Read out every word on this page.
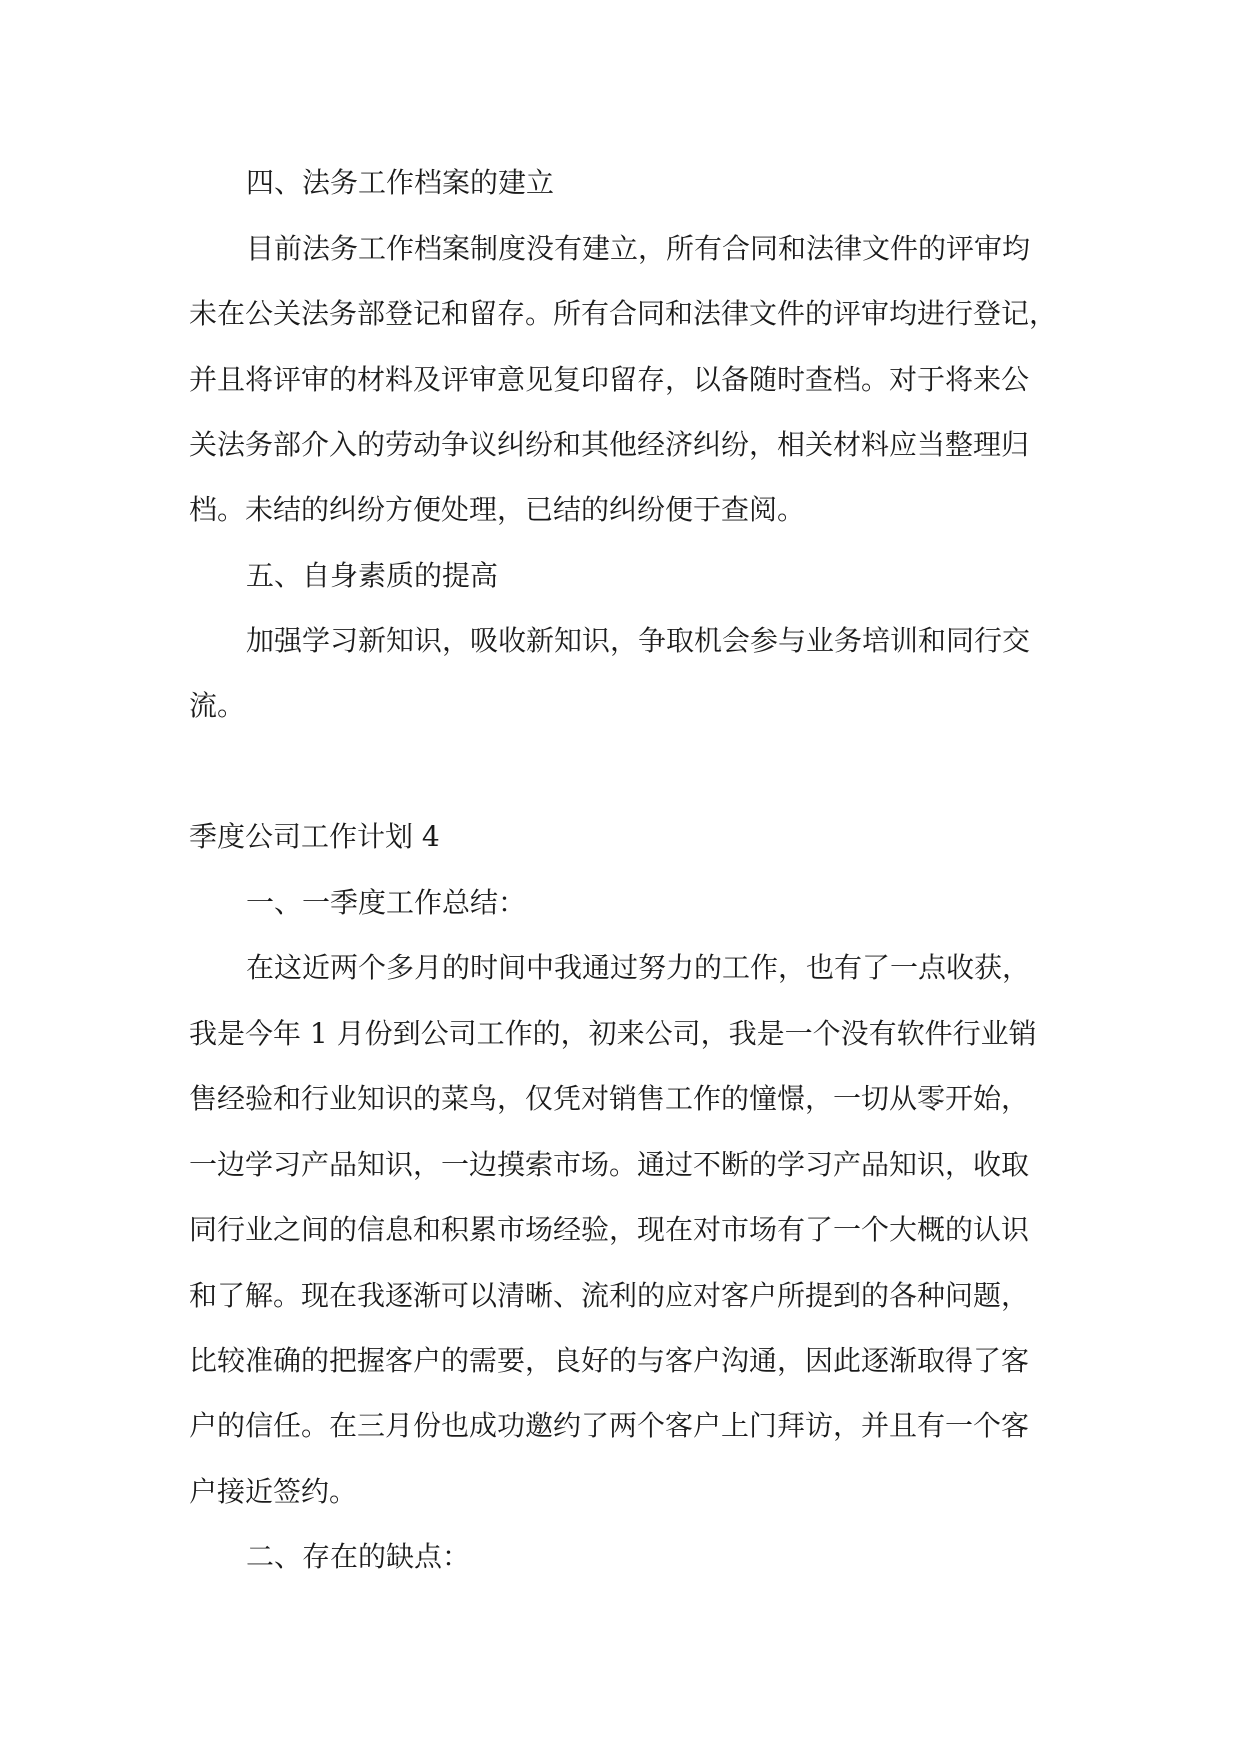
四、法务工作档案的建立

目前法务工作档案制度没有建立，所有合同和法律文件的评审均

未在公关法务部登记和留存。所有合同和法律文件的评审均进行登记，

并且将评审的材料及评审意见复印留存，以备随时查档。对于将来公

关法务部介入的劳动争议纠纷和其他经济纠纷，相关材料应当整理归

档。未结的纠纷方便处理，已结的纠纷便于查阅。

五、自身素质的提高

加强学习新知识，吸收新知识，争取机会参与业务培训和同行交

流。

季度公司工作计划 4

一、一季度工作总结：

在这近两个多月的时间中我通过努力的工作，也有了一点收获，

我是今年 1 月份到公司工作的，初来公司，我是一个没有软件行业销

售经验和行业知识的菜鸟，仅凭对销售工作的憧憬，一切从零开始，

一边学习产品知识，一边摸索市场。通过不断的学习产品知识，收取

同行业之间的信息和积累市场经验，现在对市场有了一个大概的认识

和了解。现在我逐渐可以清晰、流利的应对客户所提到的各种问题，

比较准确的把握客户的需要，良好的与客户沟通，因此逐渐取得了客

户的信任。在三月份也成功邀约了两个客户上门拜访，并且有一个客

户接近签约。

二、存在的缺点：
